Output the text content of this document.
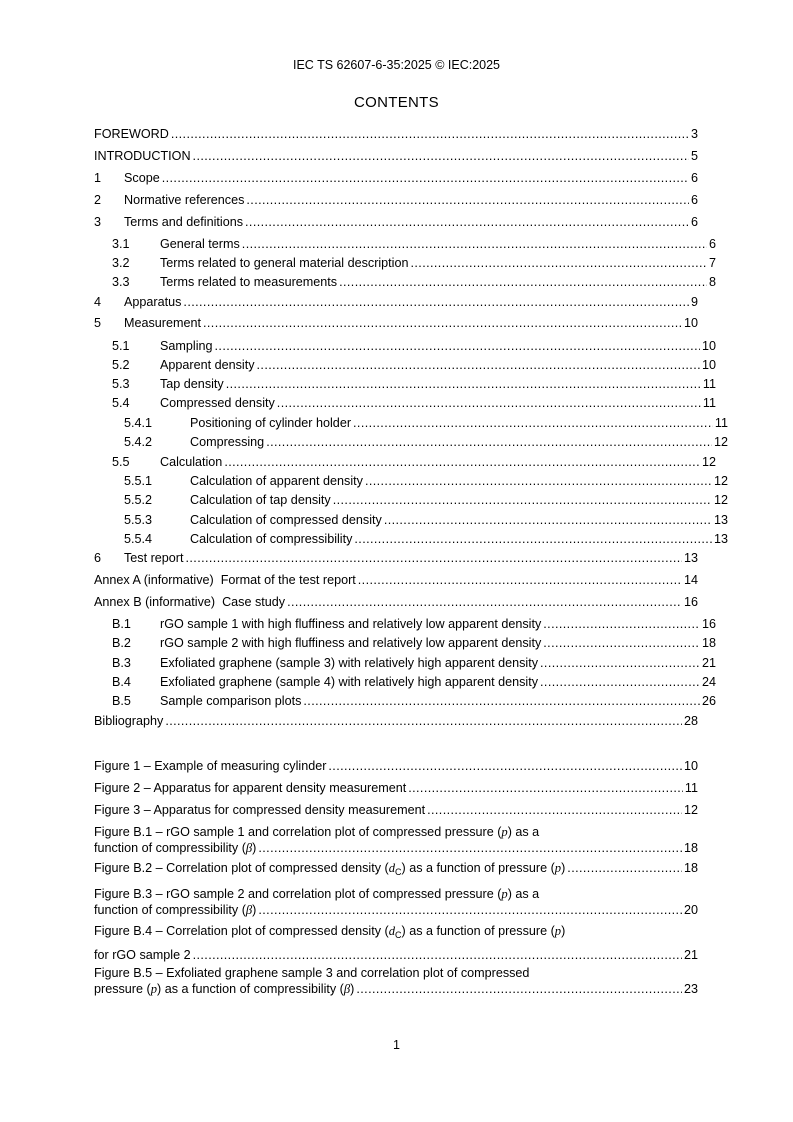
IEC TS 62607-6-35:2025 © IEC:2025
CONTENTS
FOREWORD .....	3
INTRODUCTION .....	5
1	Scope .....	6
2	Normative references .....	6
3	Terms and definitions .....	6
3.1	General terms .....	6
3.2	Terms related to general material description .....	7
3.3	Terms related to measurements .....	8
4	Apparatus .....	9
5	Measurement .....	10
5.1	Sampling .....	10
5.2	Apparent density .....	10
5.3	Tap density .....	11
5.4	Compressed density .....	11
5.4.1	Positioning of cylinder holder .....	11
5.4.2	Compressing .....	12
5.5	Calculation .....	12
5.5.1	Calculation of apparent density .....	12
5.5.2	Calculation of tap density .....	12
5.5.3	Calculation of compressed density .....	13
5.5.4	Calculation of compressibility .....	13
6	Test report .....	13
Annex A (informative)  Format of the test report .....	14
Annex B (informative)  Case study .....	16
B.1	rGO sample 1 with high fluffiness and relatively low apparent density .....	16
B.2	rGO sample 2 with high fluffiness and relatively low apparent density .....	18
B.3	Exfoliated graphene (sample 3) with relatively high apparent density .....	21
B.4	Exfoliated graphene (sample 4) with relatively high apparent density .....	24
B.5	Sample comparison plots .....	26
Bibliography .....	28
Figure 1 – Example of measuring cylinder .....	10
Figure 2 – Apparatus for apparent density measurement .....	11
Figure 3 – Apparatus for compressed density measurement .....	12
Figure B.1 – rGO sample 1 and correlation plot of compressed pressure (p) as a
function of compressibility (β) .....	18
Figure B.2 – Correlation plot of compressed density $(d_C)$ as a function of pressure (p) .....	18
Figure B.3 – rGO sample 2 and correlation plot of compressed pressure (p) as a
function of compressibility (β) .....	20
Figure B.4 – Correlation plot of compressed density $(d_C)$ as a function of pressure (p)
for rGO sample 2 .....	21
Figure B.5 – Exfoliated graphene sample 3 and correlation plot of compressed
pressure (p) as a function of compressibility (β) .....	23
1
